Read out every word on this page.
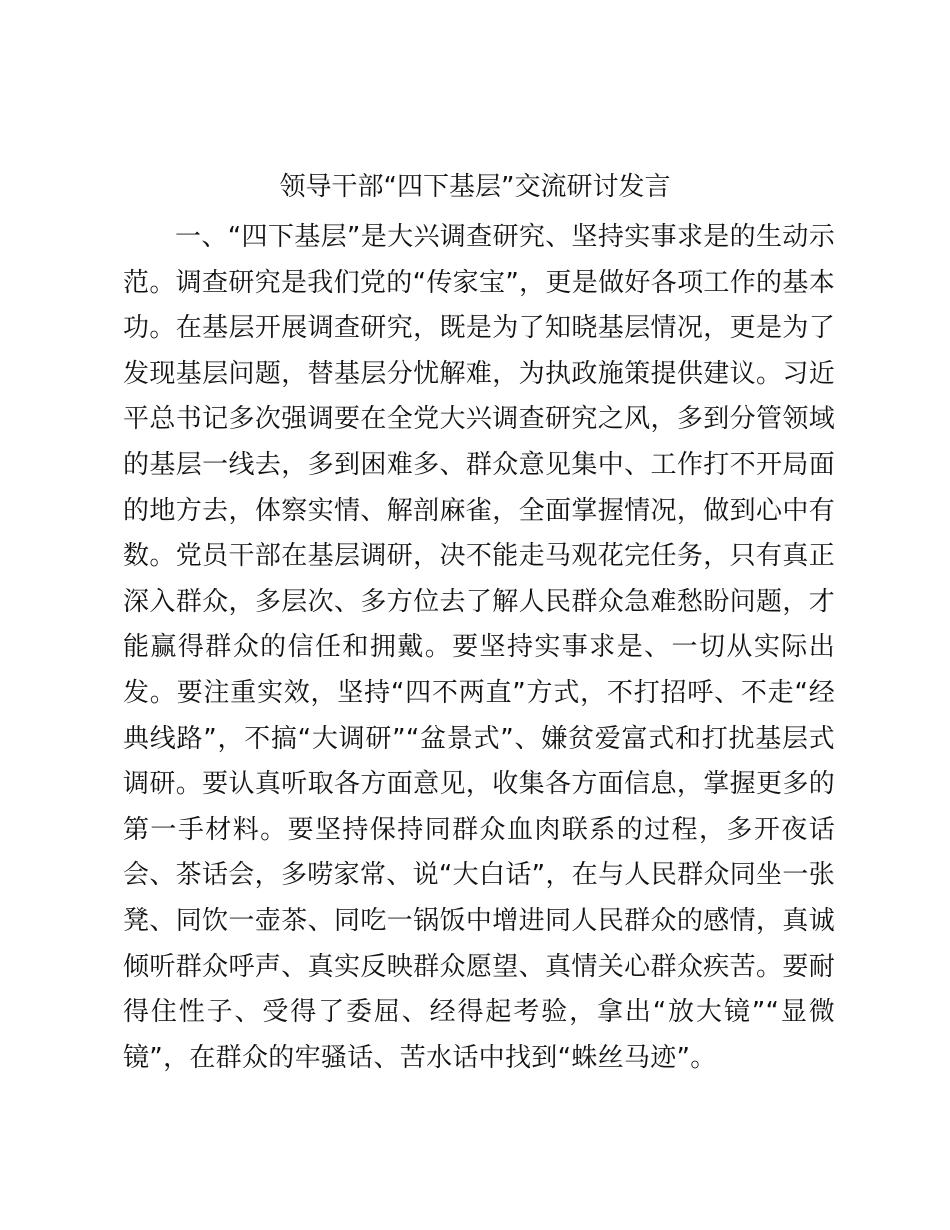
领导干部“四下基层”交流研讨发言

一、“四下基层”是大兴调查研究、坚持实事求是的生动示范。调查研究是我们党的“传家宝”，更是做好各项工作的基本功。在基层开展调查研究，既是为了知晓基层情况，更是为了发现基层问题，替基层分忧解难，为执政施策提供建议。习近平总书记多次强调要在全党大兴调查研究之风，多到分管领域的基层一线去，多到困难多、群众意见集中、工作打不开局面的地方去，体察实情、解剖麻雀，全面掌握情况，做到心中有数。党员干部在基层调研，决不能走马观花完任务，只有真正深入群众，多层次、多方位去了解人民群众急难愁盼问题，才能赢得群众的信任和拥戴。要坚持实事求是、一切从实际出发。要注重实效，坚持“四不两直”方式，不打招呼、不走“经典线路”，不搞“大调研”“盆景式”、嫌贫爱富式和打扰基层式调研。要认真听取各方面意见，收集各方面信息，掌握更多的第一手材料。要坚持保持同群众血肉联系的过程，多开夜话会、茶话会，多唠家常、说“大白话”，在与人民群众同坐一张凳、同饮一壶茶、同吃一锅饭中增进同人民群众的感情，真诚倾听群众呼声、真实反映群众愿望、真情关心群众疾苦。要耐得住性子、受得了委屈、经得起考验，拿出“放大镜”“显微镜”，在群众的牢骚话、苦水话中找到“蛛丝马迹”。
